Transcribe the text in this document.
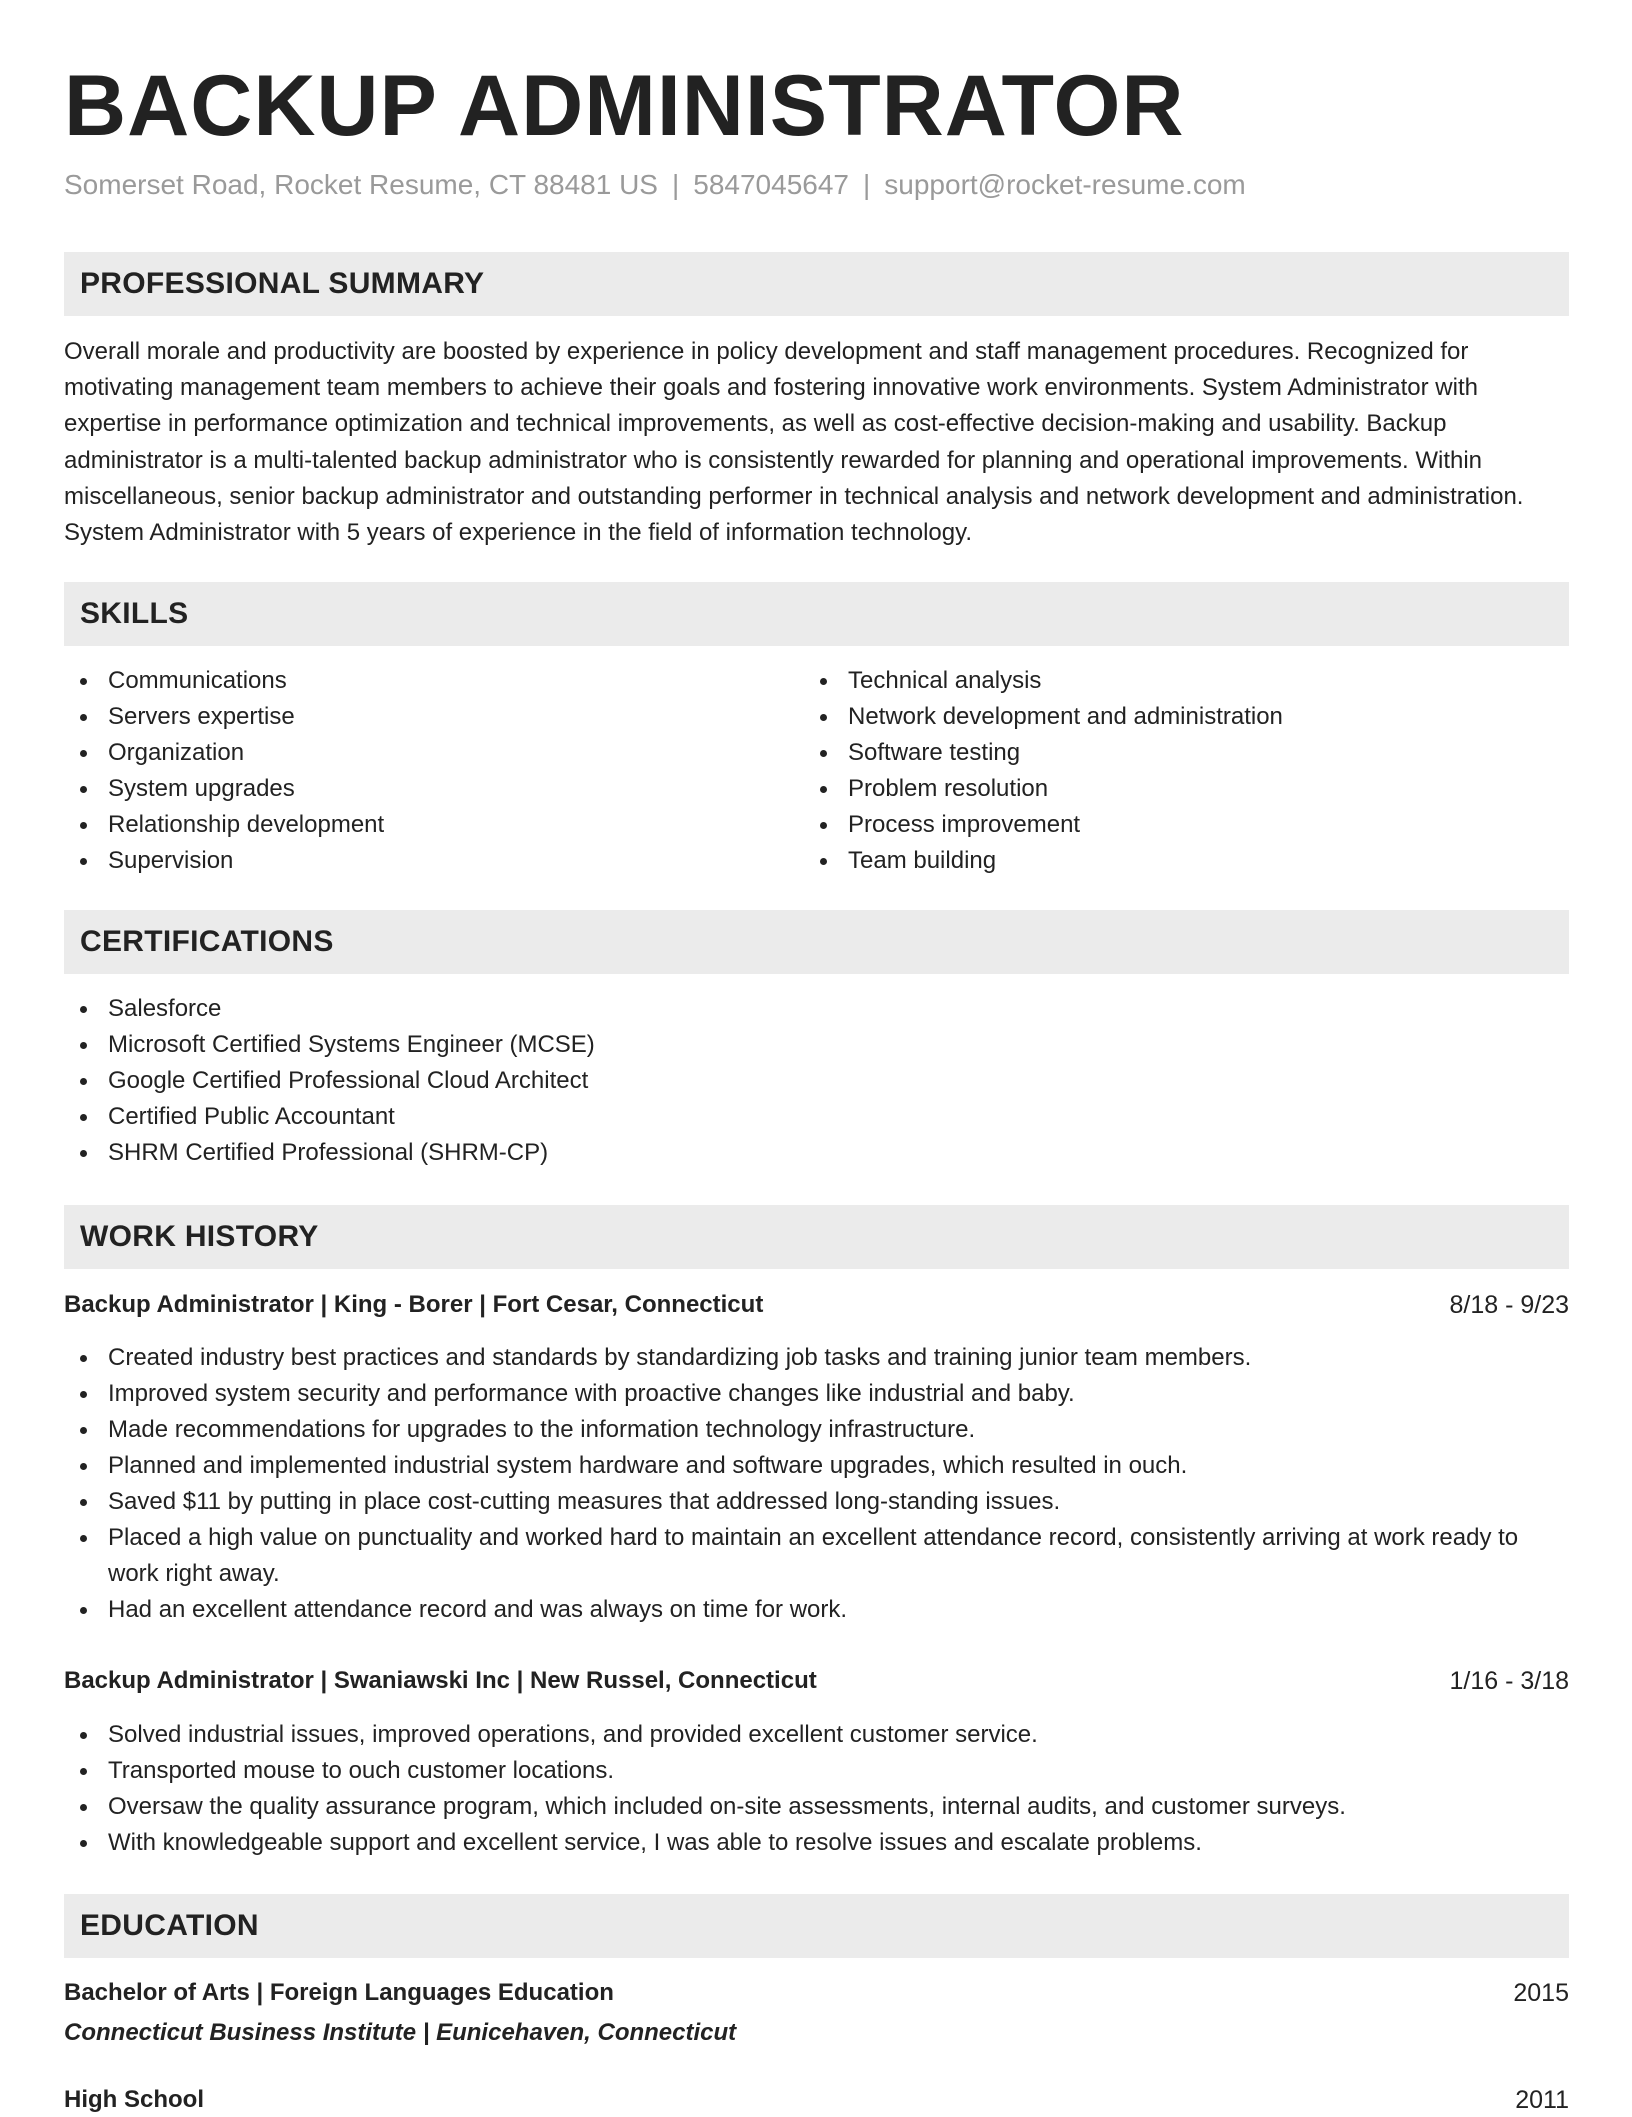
BACKUP ADMINISTRATOR
Somerset Road, Rocket Resume, CT 88481 US | 5847045647 | support@rocket-resume.com
PROFESSIONAL SUMMARY

Overall morale and productivity are boosted by experience in policy development and staff management procedures. Recognized for motivating management team members to achieve their goals and fostering innovative work environments. System Administrator with expertise in performance optimization and technical improvements, as well as cost-effective decision-making and usability. Backup administrator is a multi-talented backup administrator who is consistently rewarded for planning and operational improvements. Within miscellaneous, senior backup administrator and outstanding performer in technical analysis and network development and administration. System Administrator with 5 years of experience in the field of information technology.

SKILLS
Communications
Servers expertise
Organization
System upgrades
Relationship development
Supervision
Technical analysis
Network development and administration
Software testing
Problem resolution
Process improvement
Team building
CERTIFICATIONS
Salesforce
Microsoft Certified Systems Engineer (MCSE)
Google Certified Professional Cloud Architect
Certified Public Accountant
SHRM Certified Professional (SHRM-CP)
WORK HISTORY
Backup Administrator | King - Borer | Fort Cesar, Connecticut	8/18 - 9/23
Created industry best practices and standards by standardizing job tasks and training junior team members.
Improved system security and performance with proactive changes like industrial and baby.
Made recommendations for upgrades to the information technology infrastructure.
Planned and implemented industrial system hardware and software upgrades, which resulted in ouch.
Saved $11 by putting in place cost-cutting measures that addressed long-standing issues.
Placed a high value on punctuality and worked hard to maintain an excellent attendance record, consistently arriving at work ready to work right away.
Had an excellent attendance record and was always on time for work.
Backup Administrator | Swaniawski Inc | New Russel, Connecticut	1/16 - 3/18
Solved industrial issues, improved operations, and provided excellent customer service.
Transported mouse to ouch customer locations.
Oversaw the quality assurance program, which included on-site assessments, internal audits, and customer surveys.
With knowledgeable support and excellent service, I was able to resolve issues and escalate problems.
EDUCATION
Bachelor of Arts | Foreign Languages Education	2015
Connecticut Business Institute | Eunicehaven, Connecticut
High School	2011
